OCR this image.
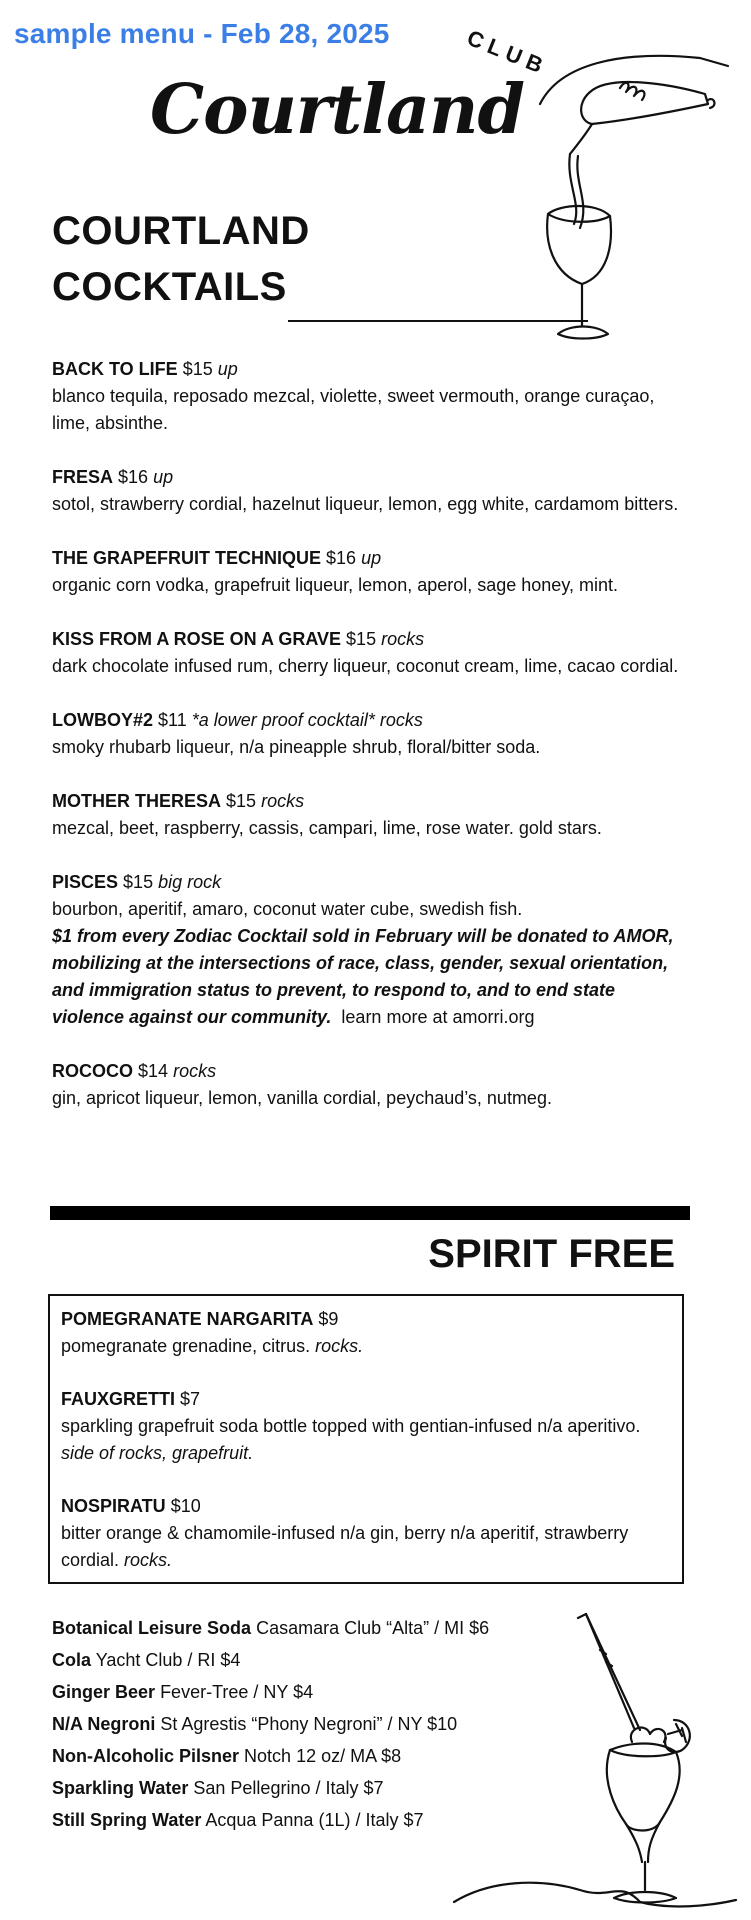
sample menu - Feb 28, 2025
Courtland
CLUB
COURTLAND
COCKTAILS
BACK TO LIFE $15 up
blanco tequila, reposado mezcal, violette, sweet vermouth, orange curaçao, lime, absinthe.
FRESA $16 up
sotol, strawberry cordial, hazelnut liqueur, lemon, egg white, cardamom bitters.
THE GRAPEFRUIT TECHNIQUE $16 up
organic corn vodka, grapefruit liqueur, lemon, aperol, sage honey, mint.
KISS FROM A ROSE ON A GRAVE $15 rocks
dark chocolate infused rum, cherry liqueur, coconut cream, lime, cacao cordial.
LOWBOY#2 $11 *a lower proof cocktail* rocks
smoky rhubarb liqueur, n/a pineapple shrub, floral/bitter soda.
MOTHER THERESA $15 rocks
mezcal, beet, raspberry, cassis, campari, lime, rose water. gold stars.
PISCES $15 big rock
bourbon, aperitif, amaro, coconut water cube, swedish fish.
$1 from every Zodiac Cocktail sold in February will be donated to AMOR, mobilizing at the intersections of race, class, gender, sexual orientation, and immigration status to prevent, to respond to, and to end state violence against our community. learn more at amorri.org
ROCOCO $14 rocks
gin, apricot liqueur, lemon, vanilla cordial, peychaud’s, nutmeg.
SPIRIT FREE
POMEGRANATE NARGARITA $9
pomegranate grenadine, citrus. rocks.
FAUXGRETTI $7
sparkling grapefruit soda bottle topped with gentian-infused n/a aperitivo. side of rocks, grapefruit.
NOSPIRATU $10
bitter orange & chamomile-infused n/a gin, berry n/a aperitif, strawberry cordial. rocks.
Botanical Leisure Soda Casamara Club “Alta” / MI $6
Cola Yacht Club / RI $4
Ginger Beer Fever-Tree / NY $4
N/A Negroni St Agrestis “Phony Negroni” / NY $10
Non-Alcoholic Pilsner Notch 12 oz/ MA $8
Sparkling Water San Pellegrino / Italy $7
Still Spring Water Acqua Panna (1L) / Italy $7
